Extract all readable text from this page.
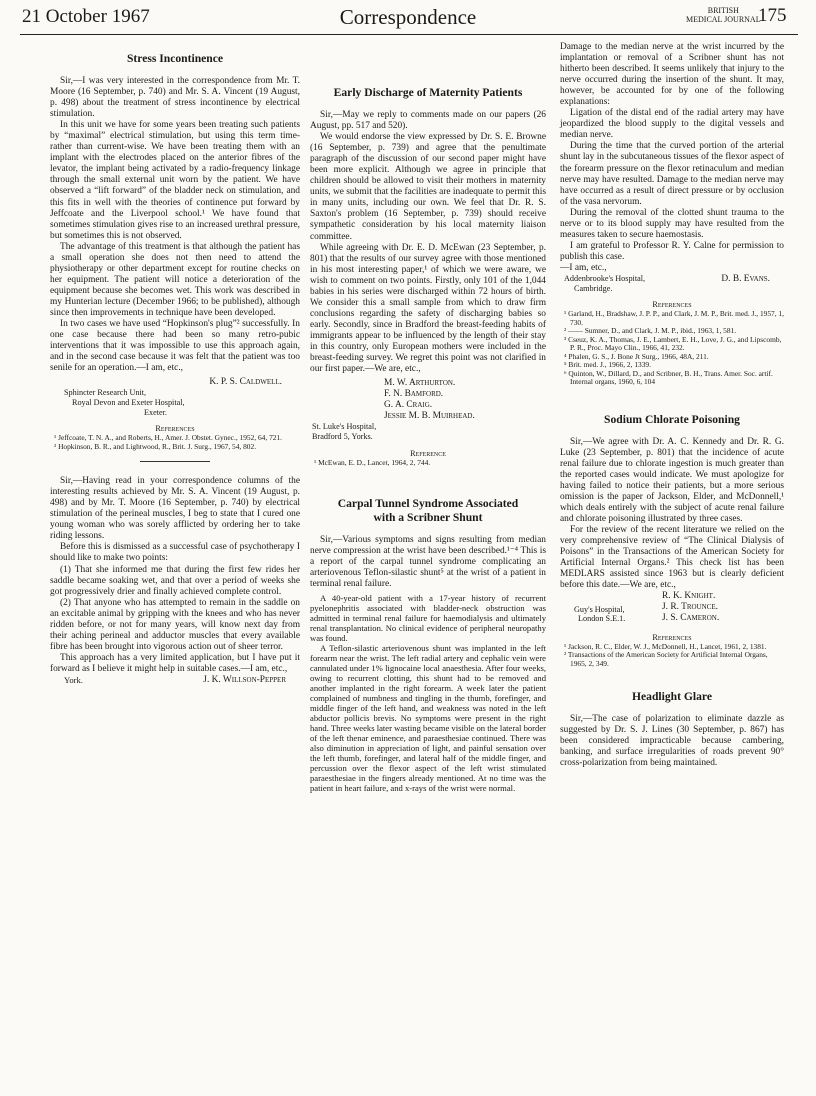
21 October 1967	Correspondence	BRITISH
MEDICAL JOURNAL
175
Stress Incontinence

Sir,—I was very interested in the correspondence from Mr. T. Moore (16 September, p. 740) and Mr. S. A. Vincent (19 August, p. 498) about the treatment of stress incontinence by electrical stimulation.

In this unit we have for some years been treating such patients by “maximal” electrical stimulation, but using this term time- rather than current-wise. We have been treating them with an implant with the electrodes placed on the anterior fibres of the levator, the implant being activated by a radio-frequency linkage through the small external unit worn by the patient. We have observed a “lift forward” of the bladder neck on stimulation, and this fits in well with the theories of continence put forward by Jeffcoate and the Liverpool school.¹ We have found that sometimes stimulation gives rise to an increased urethral pressure, but sometimes this is not observed.

The advantage of this treatment is that although the patient has a small operation she does not then need to attend the physiotherapy or other department except for routine checks on her equipment. The patient will notice a deterioration of the equipment because she becomes wet. This work was described in my Hunterian lecture (December 1966; to be published), although since then improvements in technique have been developed.

In two cases we have used “Hopkinson's plug”² successfully. In one case because there had been so many retro-pubic interventions that it was impossible to use this approach again, and in the second case because it was felt that the patient was too senile for an operation.—I am, etc.,

K. P. S. Caldwell.
Sphincter Research Unit,
Royal Devon and Exeter Hospital,
Exeter.
References
¹ Jeffcoate, T. N. A., and Roberts, H., Amer. J. Obstet. Gynec., 1952, 64, 721.
² Hopkinson, B. R., and Lightwood, R., Brit. J. Surg., 1967, 54, 802.

Sir,—Having read in your correspondence columns of the interesting results achieved by Mr. S. A. Vincent (19 August, p. 498) and by Mr. T. Moore (16 September, p. 740) by electrical stimulation of the perineal muscles, I beg to state that I cured one young woman who was sorely afflicted by ordering her to take riding lessons.

Before this is dismissed as a successful case of psychotherapy I should like to make two points:

(1) That she informed me that during the first few rides her saddle became soaking wet, and that over a period of weeks she got progressively drier and finally achieved complete control.

(2) That anyone who has attempted to remain in the saddle on an excitable animal by gripping with the knees and who has never ridden before, or not for many years, will know next day from their aching perineal and adductor muscles that every available fibre has been brought into vigorous action out of sheer terror.

This approach has a very limited application, but I have put it forward as I believe it might help in suitable cases.—I am, etc.,

York.	J. K. Willson-Pepper
Early Discharge of Maternity Patients

Sir,—May we reply to comments made on our papers (26 August, pp. 517 and 520).

We would endorse the view expressed by Dr. S. E. Browne (16 September, p. 739) and agree that the penultimate paragraph of the discussion of our second paper might have been more explicit. Although we agree in principle that children should be allowed to visit their mothers in maternity units, we submit that the facilities are inadequate to permit this in many units, including our own. We feel that Dr. R. S. Saxton's problem (16 September, p. 739) should receive sympathetic consideration by his local maternity liaison committee.

While agreeing with Dr. E. D. McEwan (23 September, p. 801) that the results of our survey agree with those mentioned in his most interesting paper,¹ of which we were aware, we wish to comment on two points. Firstly, only 101 of the 1,044 babies in his series were discharged within 72 hours of birth. We consider this a small sample from which to draw firm conclusions regarding the safety of discharging babies so early. Secondly, since in Bradford the breast-feeding habits of immigrants appear to be influenced by the length of their stay in this country, only European mothers were included in the breast-feeding survey. We regret this point was not clarified in our first paper.—We are, etc.,

M. W. Arthurton.
F. N. Bamford.
G. A. Craig.
Jessie M. B. Muirhead.
St. Luke's Hospital,
Bradford 5, Yorks.
Reference
¹ McEwan, E. D., Lancet, 1964, 2, 744.
Carpal Tunnel Syndrome Associated
with a Scribner Shunt

Sir,—Various symptoms and signs resulting from median nerve compression at the wrist have been described.¹⁻⁴ This is a report of the carpal tunnel syndrome complicating an arteriovenous Teflon-silastic shunt⁵ at the wrist of a patient in terminal renal failure.

A 40-year-old patient with a 17-year history of recurrent pyelonephritis associated with bladder-neck obstruction was admitted in terminal renal failure for haemodialysis and ultimately renal transplantation. No clinical evidence of peripheral neuropathy was found.

A Teflon-silastic arteriovenous shunt was implanted in the left forearm near the wrist. The left radial artery and cephalic vein were cannulated under 1% lignocaine local anaesthesia. After four weeks, owing to recurrent clotting, this shunt had to be removed and another implanted in the right forearm. A week later the patient complained of numbness and tingling in the thumb, forefinger, and middle finger of the left hand, and weakness was noted in the left abductor pollicis brevis. No symptoms were present in the right hand. Three weeks later wasting became visible on the lateral border of the left thenar eminence, and paraesthesiae continued. There was also diminution in appreciation of light, and painful sensation over the left thumb, forefinger, and lateral half of the middle finger, and percussion over the flexor aspect of the left wrist stimulated paraesthesiae in the fingers already mentioned. At no time was the patient in heart failure, and x-rays of the wrist were normal.

Damage to the median nerve at the wrist incurred by the implantation or removal of a Scribner shunt has not hitherto been described. It seems unlikely that injury to the nerve occurred during the insertion of the shunt. It may, however, be accounted for by one of the following explanations:

Ligation of the distal end of the radial artery may have jeopardized the blood supply to the digital vessels and median nerve.

During the time that the curved portion of the arterial shunt lay in the subcutaneous tissues of the flexor aspect of the forearm pressure on the flexor retinaculum and median nerve may have resulted. Damage to the median nerve may have occurred as a result of direct pressure or by occlusion of the vasa nervorum.

During the removal of the clotted shunt trauma to the nerve or to its blood supply may have resulted from the measures taken to secure haemostasis.

I am grateful to Professor R. Y. Calne for permission to publish this case.

—I am, etc.,

Addenbrooke's Hospital,
Cambridge.
D. B. Evans.
References
¹ Garland, H., Bradshaw, J. P. P., and Clark, J. M. P., Brit. med. J., 1957, 1, 730.
² —— Sumner, D., and Clark, J. M. P., ibid., 1963, 1, 581.
³ Cseuz, K. A., Thomas, J. E., Lambert, E. H., Love, J. G., and Lipscomb, P. R., Proc. Mayo Clin., 1966, 41, 232.
⁴ Phalen, G. S., J. Bone Jt Surg., 1966, 48A, 211.
⁵ Brit. med. J., 1966, 2, 1339.
⁶ Quinton, W., Dillard, D., and Scribner, B. H., Trans. Amer. Soc. artif. Internal organs, 1960, 6, 104
Sodium Chlorate Poisoning

Sir,—We agree with Dr. A. C. Kennedy and Dr. R. G. Luke (23 September, p. 801) that the incidence of acute renal failure due to chlorate ingestion is much greater than the reported cases would indicate. We must apologize for having failed to notice their patients, but a more serious omission is the paper of Jackson, Elder, and McDonnell,¹ which deals entirely with the subject of acute renal failure and chlorate poisoning illustrated by three cases.

For the review of the recent literature we relied on the very comprehensive review of “The Clinical Dialysis of Poisons” in the Transactions of the American Society for Artificial Internal Organs.² This check list has been MEDLARS assisted since 1963 but is clearly deficient before this date.—We are, etc.,

R. K. Knight.
J. R. Trounce.
J. S. Cameron.
Guy's Hospital,
London S.E.1.
References
¹ Jackson, R. C., Elder, W. J., McDonnell, H., Lancet, 1961, 2, 1381.
² Transactions of the American Society for Artificial Internal Organs, 1965, 2, 349.
Headlight Glare

Sir,—The case of polarization to eliminate dazzle as suggested by Dr. S. J. Lines (30 September, p. 867) has been considered impracticable because cambering, banking, and surface irregularities of roads prevent 90° cross-polarization from being maintained.
